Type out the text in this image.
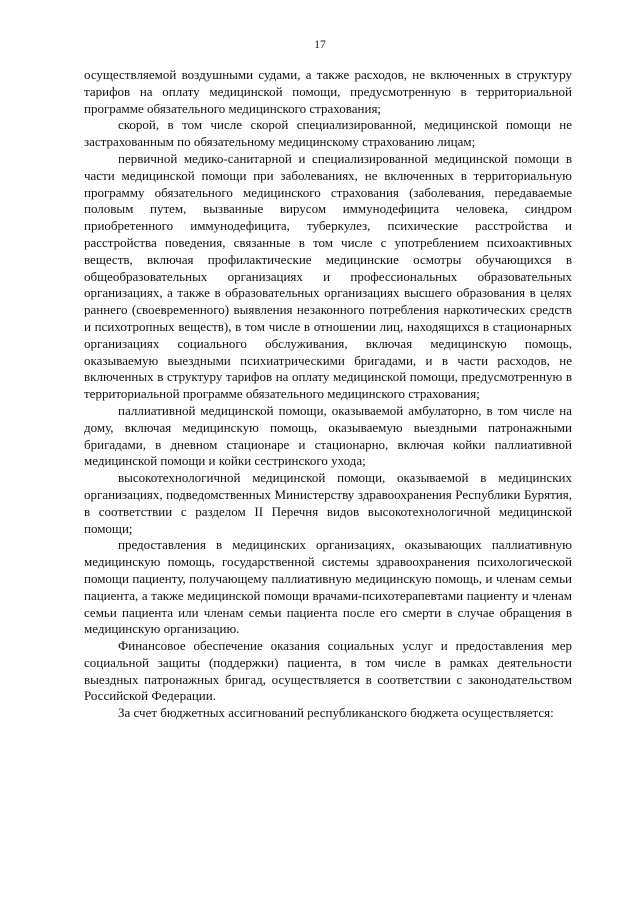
17

осуществляемой воздушными судами, а также расходов, не включенных в структуру тарифов на оплату медицинской помощи, предусмотренную в территориальной программе обязательного медицинского страхования;

скорой, в том числе скорой специализированной, медицинской помощи не застрахованным по обязательному медицинскому страхованию лицам;

первичной медико-санитарной и специализированной медицинской помощи в части медицинской помощи при заболеваниях, не включенных в территориальную программу обязательного медицинского страхования (заболевания, передаваемые половым путем, вызванные вирусом иммунодефицита человека, синдром приобретенного иммунодефицита, туберкулез, психические расстройства и расстройства поведения, связанные в том числе с употреблением психоактивных веществ, включая профилактические медицинские осмотры обучающихся в общеобразовательных организациях и профессиональных образовательных организациях, а также в образовательных организациях высшего образования в целях раннего (своевременного) выявления незаконного потребления наркотических средств и психотропных веществ), в том числе в отношении лиц, находящихся в стационарных организациях социального обслуживания, включая медицинскую помощь, оказываемую выездными психиатрическими бригадами, и в части расходов, не включенных в структуру тарифов на оплату медицинской помощи, предусмотренную в территориальной программе обязательного медицинского страхования;

паллиативной медицинской помощи, оказываемой амбулаторно, в том числе на дому, включая медицинскую помощь, оказываемую выездными патронажными бригадами, в дневном стационаре и стационарно, включая койки паллиативной медицинской помощи и койки сестринского ухода;

высокотехнологичной медицинской помощи, оказываемой в медицинских организациях, подведомственных Министерству здравоохранения Республики Бурятия, в соответствии с разделом II Перечня видов высокотехнологичной медицинской помощи;

предоставления в медицинских организациях, оказывающих паллиативную медицинскую помощь, государственной системы здравоохранения психологической помощи пациенту, получающему паллиативную медицинскую помощь, и членам семьи пациента, а также медицинской помощи врачами-психотерапевтами пациенту и членам семьи пациента или членам семьи пациента после его смерти в случае обращения в медицинскую организацию.

Финансовое обеспечение оказания социальных услуг и предоставления мер социальной защиты (поддержки) пациента, в том числе в рамках деятельности выездных патронажных бригад, осуществляется в соответствии с законодательством Российской Федерации.

За счет бюджетных ассигнований республиканского бюджета осуществляется:
